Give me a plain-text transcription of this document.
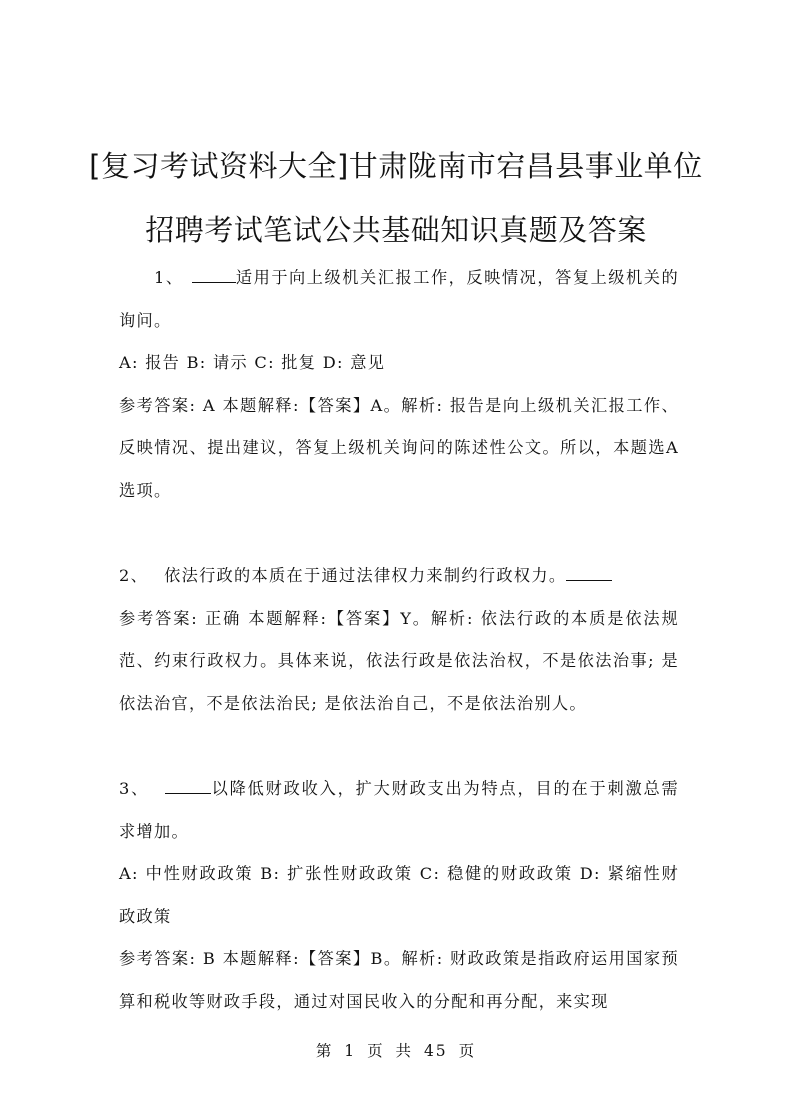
[复习考试资料大全]甘肃陇南市宕昌县事业单位
招聘考试笔试公共基础知识真题及答案

1、	适用于向上级机关汇报工作，反映情况，答复上级机关的询问。

A: 报告 B: 请示 C: 批复 D: 意见

参考答案: A 本题解释:【答案】A。解析: 报告是向上级机关汇报工作、反映情况、提出建议，答复上级机关询问的陈述性公文。所以，本题选A选项。

2、 依法行政的本质在于通过法律权力来制约行政权力。

参考答案: 正确 本题解释:【答案】Y。解析: 依法行政的本质是依法规范、约束行政权力。具体来说，依法行政是依法治权，不是依法治事; 是依法治官，不是依法治民; 是依法治自己，不是依法治别人。

3、	以降低财政收入，扩大财政支出为特点，目的在于刺激总需求增加。

A: 中性财政政策 B: 扩张性财政政策 C: 稳健的财政政策 D: 紧缩性财政政策

参考答案: B 本题解释:【答案】B。解析: 财政政策是指政府运用国家预算和税收等财政手段，通过对国民收入的分配和再分配，来实现

第 1 页 共 45 页
